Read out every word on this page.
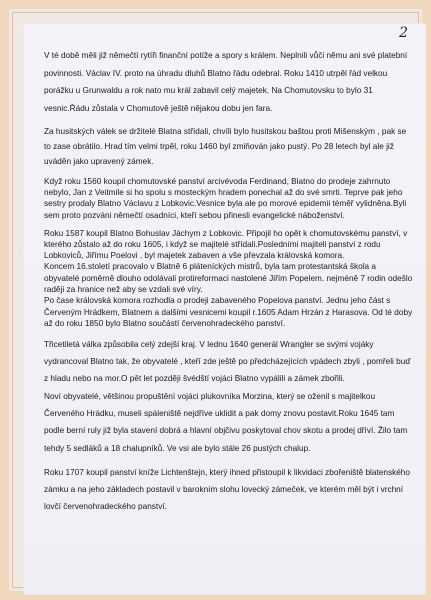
2

V té době měli již němečtí rytíři finanční potíže a spory s králem. Neplnili vůči němu ani své platební povinnosti. Václav IV. proto na úhradu dluhů Blatno řádu odebral. Roku 1410 utrpěl řád velkou porážku u Grunwaldu a rok nato mu král zabavil celý majetek. Na Chomutovsku to bylo 31 vesnic.Řádu zůstala v Chomutově ještě nějakou dobu jen fara.

Za husitských válek se držitelé Blatna střídali, chvíli bylo husitskou baštou proti Mišenským , pak se to zase obrátilo. Hrad tím velmi trpěl, roku 1460 byl zmiňován jako pustý. Po 28 letech byl ale již uváděn jako upravený zámek.

Když roku 1560 koupil chomutovské panství arcivévoda Ferdinand, Blatno do prodeje zahrnuto nebylo, Jan z Veitmile si ho spolu s mosteckým hradem ponechal až do své smrti. Teprve pak jeho sestry prodaly Blatno Václavu z Lobkovic.Vesnice byla ale po morové epidemii téměř vylidněna.Byli sem proto pozváni němečtí osadníci, kteří sebou přinesli evangelické náboženství.

Roku 1587 koupil Blatno Bohuslav Jáchym z Lobkovic. Připojil ho opět k chomutovskému panství, v kterého zůstalo až do roku 1605, i když se majitelé střídali.Posledními majiteli panství z rodu Lobkoviců, Jiřímu Poelovi , byl majetek zabaven a vše převzala královská komora.

Koncem 16.století pracovalo v Blatně 6 pláteníckých mistrů, byla tam protestantská škola a obyvatelé poměrně dlouho odolávali protireformaci nastolené Jiřím Popelem. nejméně 7 rodin odešlo raději za hranice než aby se vzdali své víry.

Po čase královská komora rozhodla o prodeji zabaveného Popelova panství. Jednu jeho část s Červeným Hrádkem, Blatnem a dalšími vesnicemi koupil r.1605 Adam Hrzán z Harasova. Od té doby až do roku 1850 bylo Blatno součástí červenohradeckého panství.

Třicetiletá válka způsobila celý zdejší kraj. V lednu 1640 generál Wrangler se svými vojáky vydrancoval Blatno tak, že obyvatelé , kteří zde ještě po předcházejících vpádech zbyli , pomřeli buď z hladu nebo na mor.O pět let později švédští vojáci Blatno vypálili a zámek zbořili.

Noví obyvatelé, většinou propuštění vojáci plukovníka Morzina, který se oženil s majitelkou Červeného Hrádku, museli spáleniště nejdříve uklidit a pak domy znovu postavit.Roku 1645 tam podle berní ruly již byla stavení dobrá a hlavní objčivu poskytoval chov skotu a prodej dříví. Žilo tam tehdy 5 sedláků a 18 chalupníků. Ve vsi ale bylo stále 26 pustých chalup.

Roku 1707 koupil panství kníže Lichtenštejn, který ihned přistoupil k likvidaci zbořeniště blatenského zámku a na jeho základech postavil v barokním slohu lovecký zámeček, ve kterém měl být i vrchní lovčí červenohradeckého panství.
